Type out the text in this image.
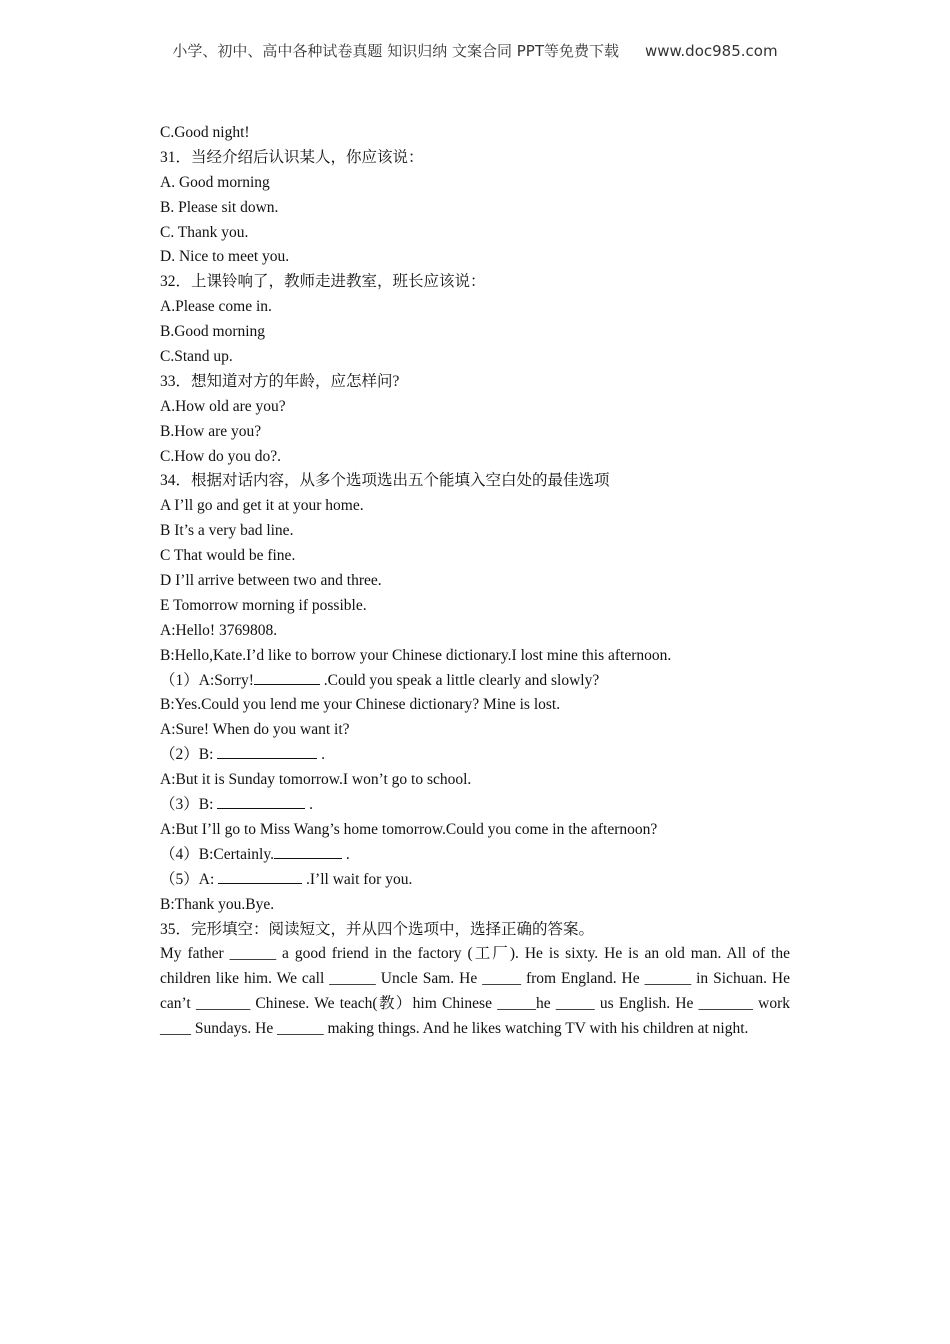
小学、初中、高中各种试卷真题 知识归纳 文案合同 PPT等免费下载 www.doc985.com
C.Good night!
31．当经介绍后认识某人，你应该说：
A. Good morning
B. Please sit down.
C. Thank you.
D. Nice to meet you.
32．上课铃响了，教师走进教室，班长应该说：
A.Please come in.
B.Good morning
C.Stand up.
33．想知道对方的年龄，应怎样问?
A.How old are you?
B.How are you?
C.How do you do?.
34．根据对话内容，从多个选项选出五个能填入空白处的最佳选项
A I’ll go and get it at your home.
B It’s a very bad line.
C That would be fine.
D I’ll arrive between two and three.
E Tomorrow morning if possible.
A:Hello! 3769808.
B:Hello,Kate.I’d like to borrow your Chinese dictionary.I lost mine this afternoon.
（1）A:Sorry!	.Could you speak a little clearly and slowly?
B:Yes.Could you lend me your Chinese dictionary? Mine is lost.
A:Sure! When do you want it?
（2）B:	.
A:But it is Sunday tomorrow.I won’t go to school.
（3）B:	.
A:But I’ll go to Miss Wang’s home tomorrow.Could you come in the afternoon?
（4）B:Certainly.	.
（5）A:	.I’ll wait for you.
B:Thank you.Bye.
35．完形填空：阅读短文，并从四个选项中，选择正确的答案。
My father ______ a good friend in the factory (工厂). He is sixty. He is an old man. All of the children like him. We call ______ Uncle Sam. He _____ from England. He ______ in Sichuan. He can’t _______ Chinese. We teach(教）him Chinese _____he _____ us English. He _______ work ____ Sundays. He ______ making things. And he likes watching TV with his children at night.
